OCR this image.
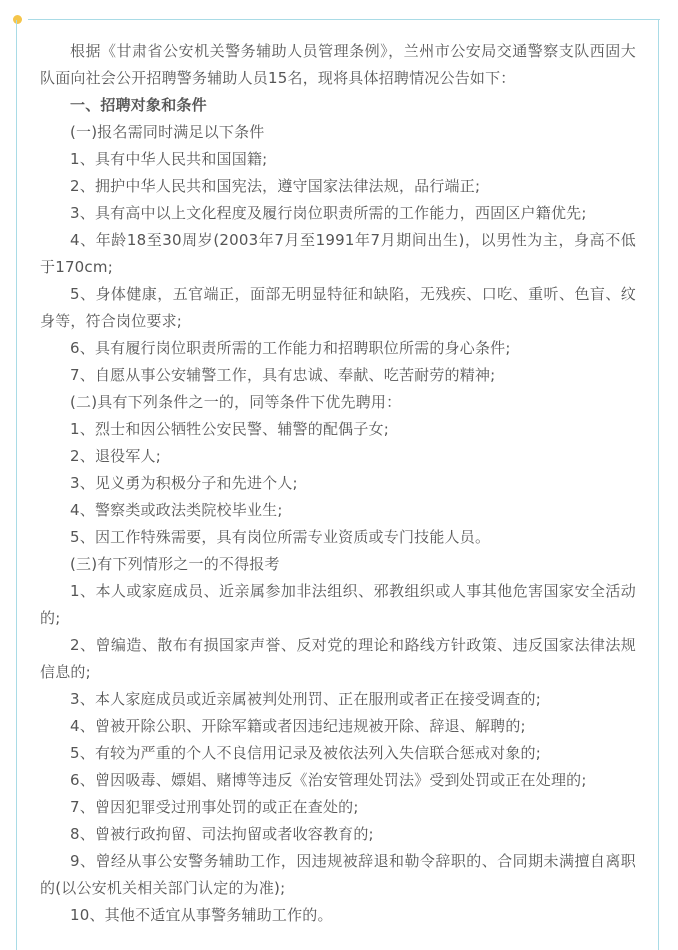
根据《甘肃省公安机关警务辅助人员管理条例》，兰州市公安局交通警察支队西固大队面向社会公开招聘警务辅助人员15名，现将具体招聘情况公告如下：

一、招聘对象和条件

(一)报名需同时满足以下条件

1、具有中华人民共和国国籍;

2、拥护中华人民共和国宪法，遵守国家法律法规，品行端正;

3、具有高中以上文化程度及履行岗位职责所需的工作能力，西固区户籍优先;

4、年龄18至30周岁(2003年7月至1991年7月期间出生)，以男性为主，身高不低于170cm;

5、身体健康，五官端正，面部无明显特征和缺陷，无残疾、口吃、重听、色盲、纹身等，符合岗位要求;

6、具有履行岗位职责所需的工作能力和招聘职位所需的身心条件;

7、自愿从事公安辅警工作，具有忠诚、奉献、吃苦耐劳的精神;

(二)具有下列条件之一的，同等条件下优先聘用：

1、烈士和因公牺牲公安民警、辅警的配偶子女;

2、退役军人;

3、见义勇为积极分子和先进个人;

4、警察类或政法类院校毕业生;

5、因工作特殊需要，具有岗位所需专业资质或专门技能人员。

(三)有下列情形之一的不得报考

1、本人或家庭成员、近亲属参加非法组织、邪教组织或人事其他危害国家安全活动的;

2、曾编造、散布有损国家声誉、反对党的理论和路线方针政策、违反国家法律法规信息的;

3、本人家庭成员或近亲属被判处刑罚、正在服刑或者正在接受调查的;

4、曾被开除公职、开除军籍或者因违纪违规被开除、辞退、解聘的;

5、有较为严重的个人不良信用记录及被依法列入失信联合惩戒对象的;

6、曾因吸毒、嫖娼、赌博等违反《治安管理处罚法》受到处罚或正在处理的;

7、曾因犯罪受过刑事处罚的或正在查处的;

8、曾被行政拘留、司法拘留或者收容教育的;

9、曾经从事公安警务辅助工作，因违规被辞退和勒令辞职的、合同期未满擅自离职的(以公安机关相关部门认定的为准);

10、其他不适宜从事警务辅助工作的。
